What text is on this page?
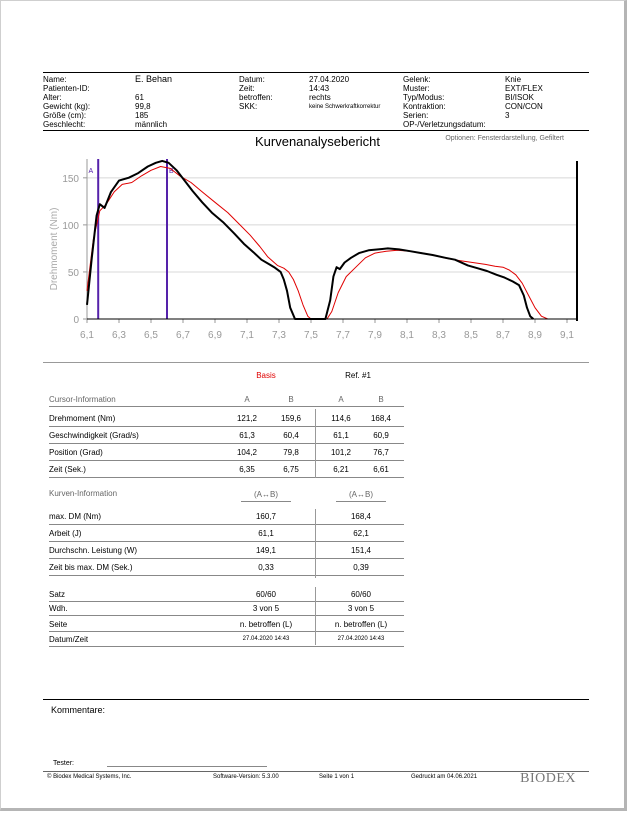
Name:	E. Behan
Patienten-ID:
Alter:	61
Gewicht (kg):	99,8
Größe (cm):	185
Geschlecht:	männlich
Datum:	27.04.2020
Zeit:	14:43
betroffen:	rechts
SKK:	keine Schwerkraftkorrektur
Gelenk:	Knie
Muster:	EXT/FLEX
Typ/Modus:	BI/ISOK
Kontraktion:	CON/CON
Serien:	3
OP-/Verletzungsdatum:
Kurvenanalysebericht	Optionen: Fensterdarstellung, Gefiltert
0
50
100
150
6,1 6,3 6,5 6,7 6,9 7,1 7,3 7,5 7,7 7,9 8,1 8,3 8,5 8,7 8,9 9,1
Drehmoment (Nm)
A	B
Basis	Ref. #1
Cursor-Information	A	B	A	B
Drehmoment (Nm)	121,2	159,6	114,6	168,4
Geschwindigkeit (Grad/s)	61,3	60,4	61,1	60,9
Position (Grad)	104,2	79,8	101,2	76,7
Zeit (Sek.)	6,35	6,75	6,21	6,61
Kurven-Information	(A↔B)	(A↔B)
max. DM (Nm)	160,7	168,4
Arbeit (J)	61,1	62,1
Durchschn. Leistung (W)	149,1	151,4
Zeit bis max. DM (Sek.)	0,33	0,39
Satz	60/60	60/60
Wdh.	3 von 5	3 von 5
Seite	n. betroffen (L)	n. betroffen (L)
Datum/Zeit	27.04.2020 14:43	27.04.2020 14:43
Kommentare:
Tester:
© Biodex Medical Systems, Inc.	Software-Version: 5.3.00	Seite 1 von 1	Gedruckt am 04.06.2021	BIODEX
